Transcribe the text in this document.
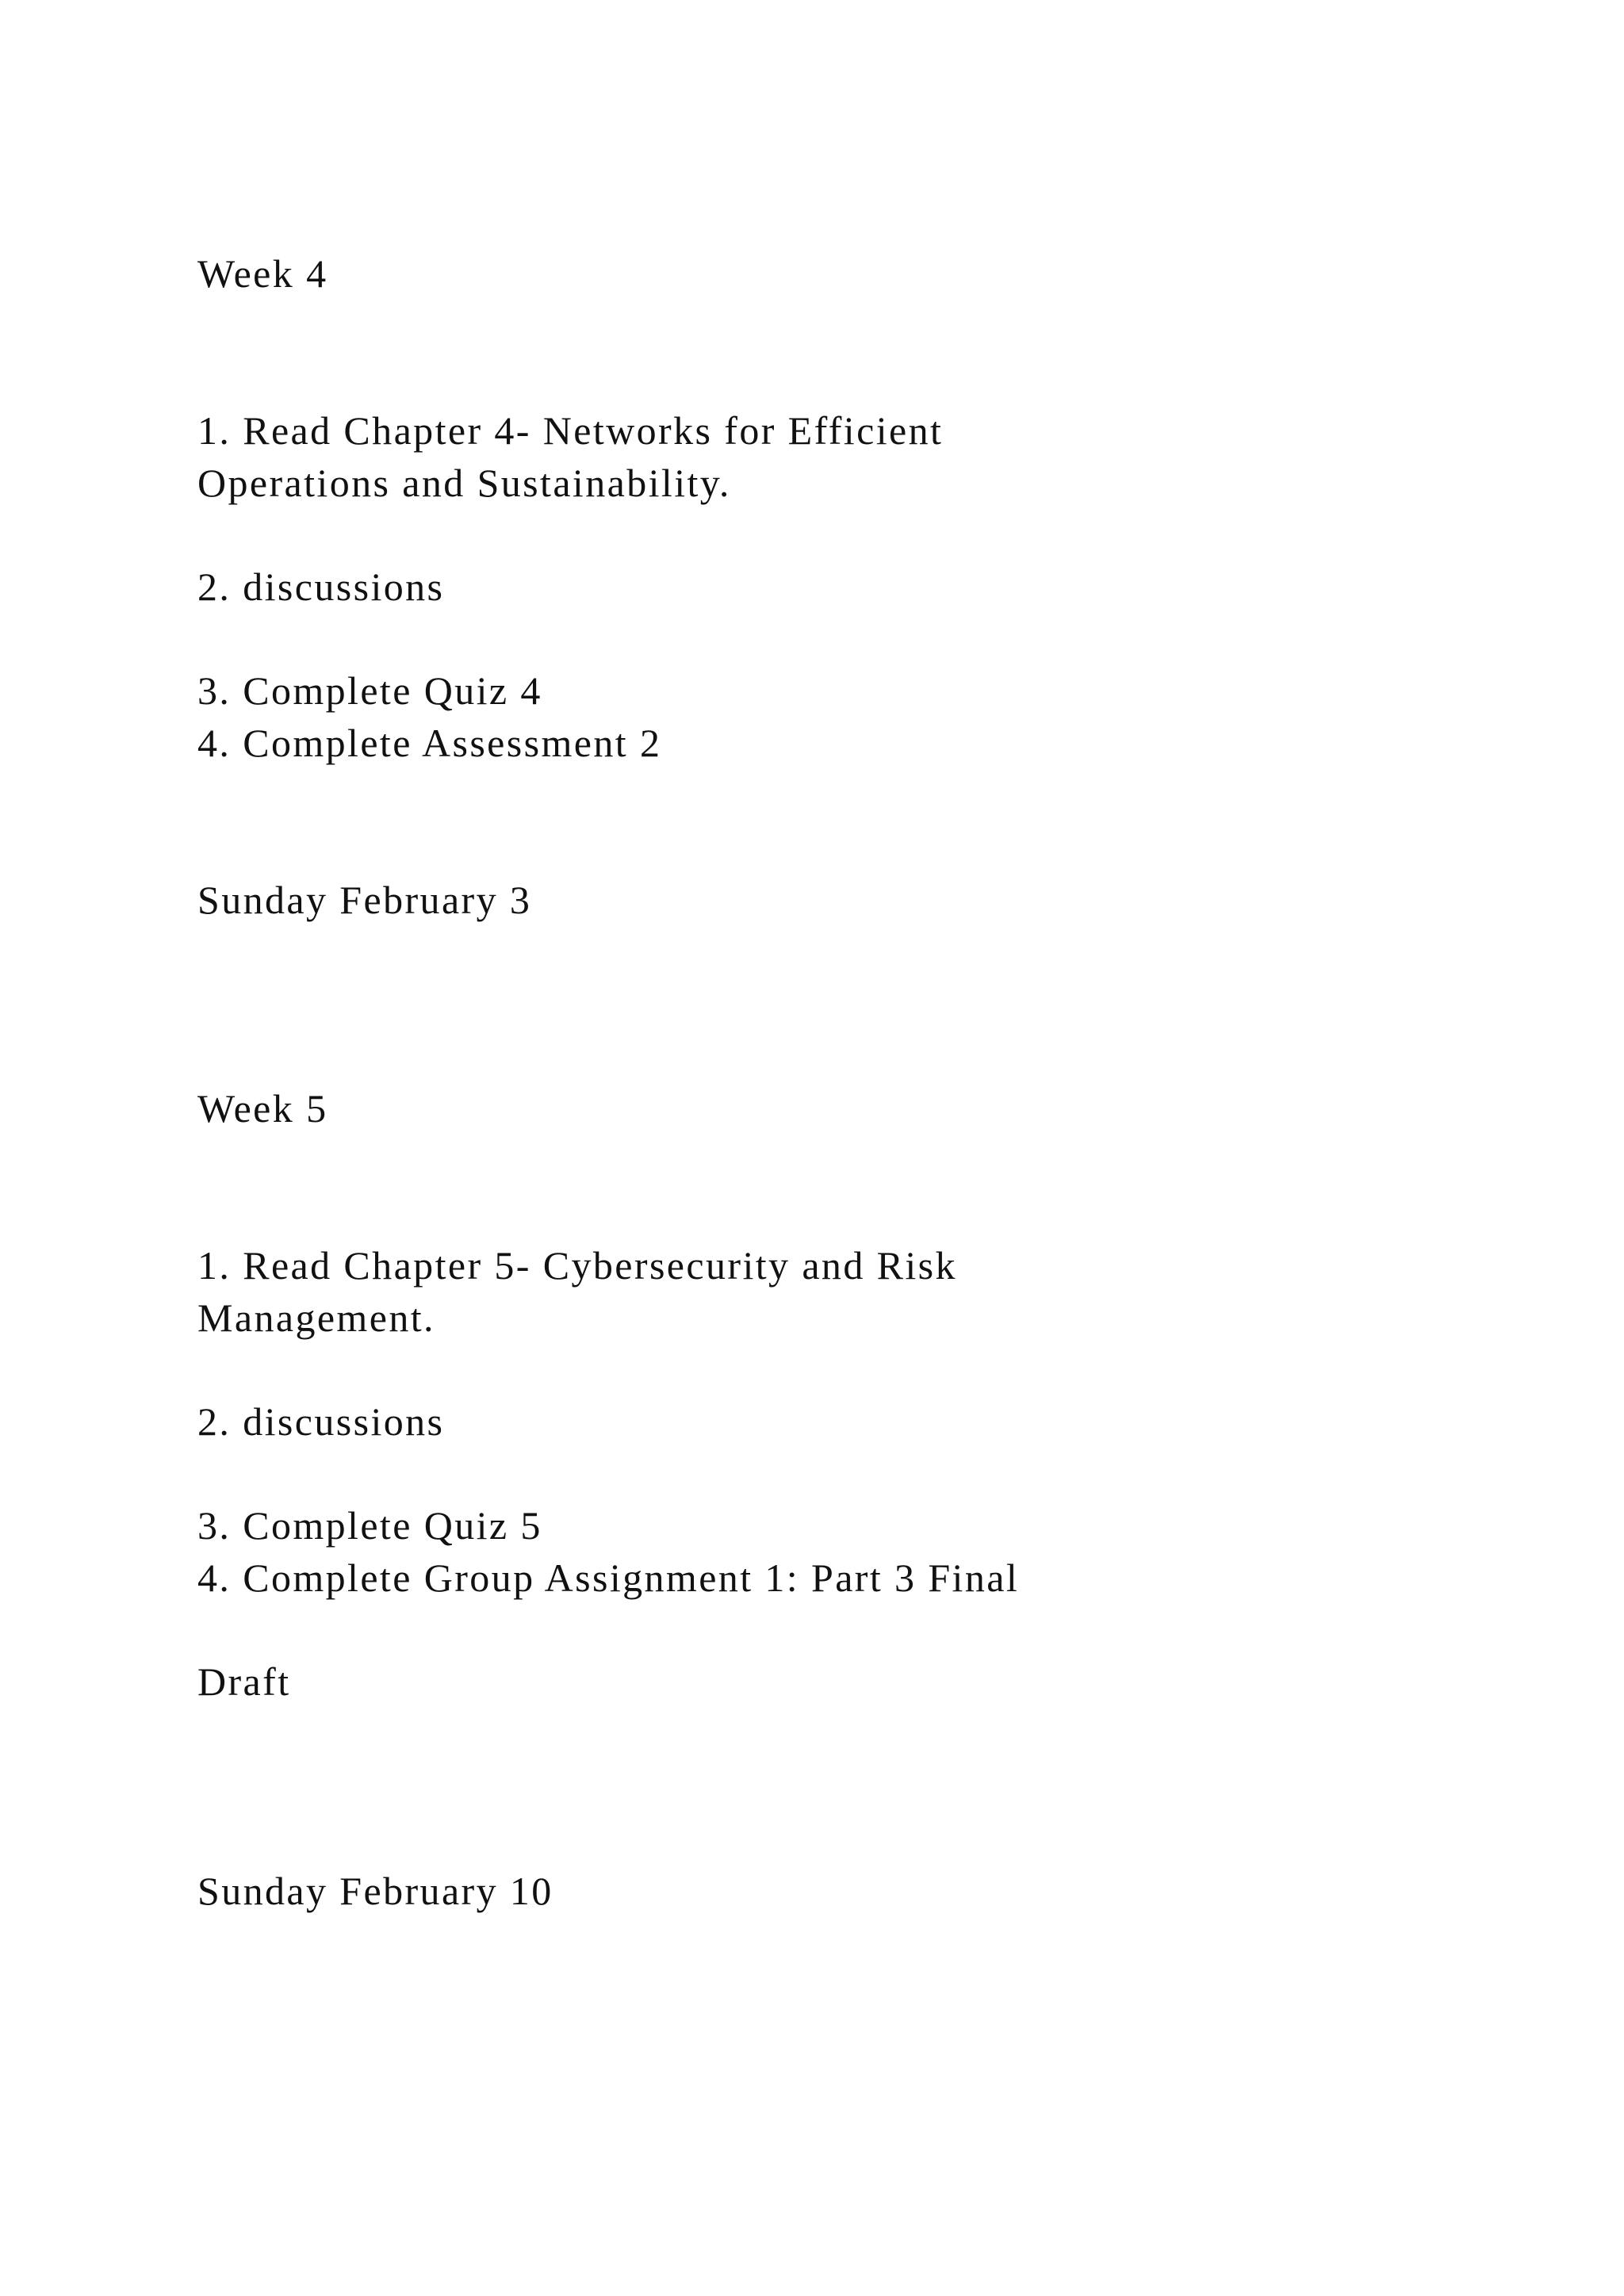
Week 4

1. Read Chapter 4- Networks for Efficient

Operations and Sustainability.

2. discussions

3. Complete Quiz 4

4. Complete Assessment 2

Sunday February 3

Week 5

1. Read Chapter 5- Cybersecurity and Risk

Management.

2. discussions

3. Complete Quiz 5

4. Complete Group Assignment 1: Part 3 Final

Draft

Sunday February 10
